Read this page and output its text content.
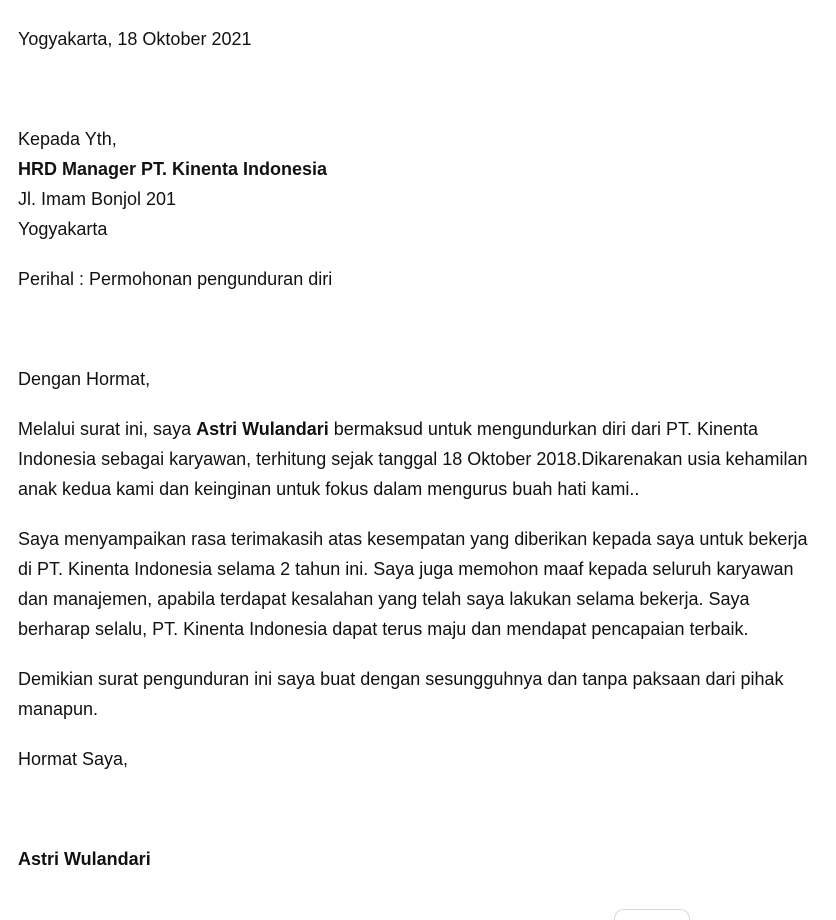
Yogyakarta, 18 Oktober 2021

Kepada Yth,

HRD Manager PT. Kinenta Indonesia

Jl. Imam Bonjol 201

Yogyakarta

Perihal : Permohonan pengunduran diri

Dengan Hormat,

Melalui surat ini, saya Astri Wulandari bermaksud untuk mengundurkan diri dari PT. Kinenta Indonesia sebagai karyawan, terhitung sejak tanggal 18 Oktober 2018.Dikarenakan usia kehamilan anak kedua kami dan keinginan untuk fokus dalam mengurus buah hati kami..

Saya menyampaikan rasa terimakasih atas kesempatan yang diberikan kepada saya untuk bekerja di PT. Kinenta Indonesia selama 2 tahun ini. Saya juga memohon maaf kepada seluruh karyawan dan manajemen, apabila terdapat kesalahan yang telah saya lakukan selama bekerja. Saya berharap selalu, PT. Kinenta Indonesia dapat terus maju dan mendapat pencapaian terbaik.

Demikian surat pengunduran ini saya buat dengan sesungguhnya dan tanpa paksaan dari pihak manapun.

Hormat Saya,

Astri Wulandari
